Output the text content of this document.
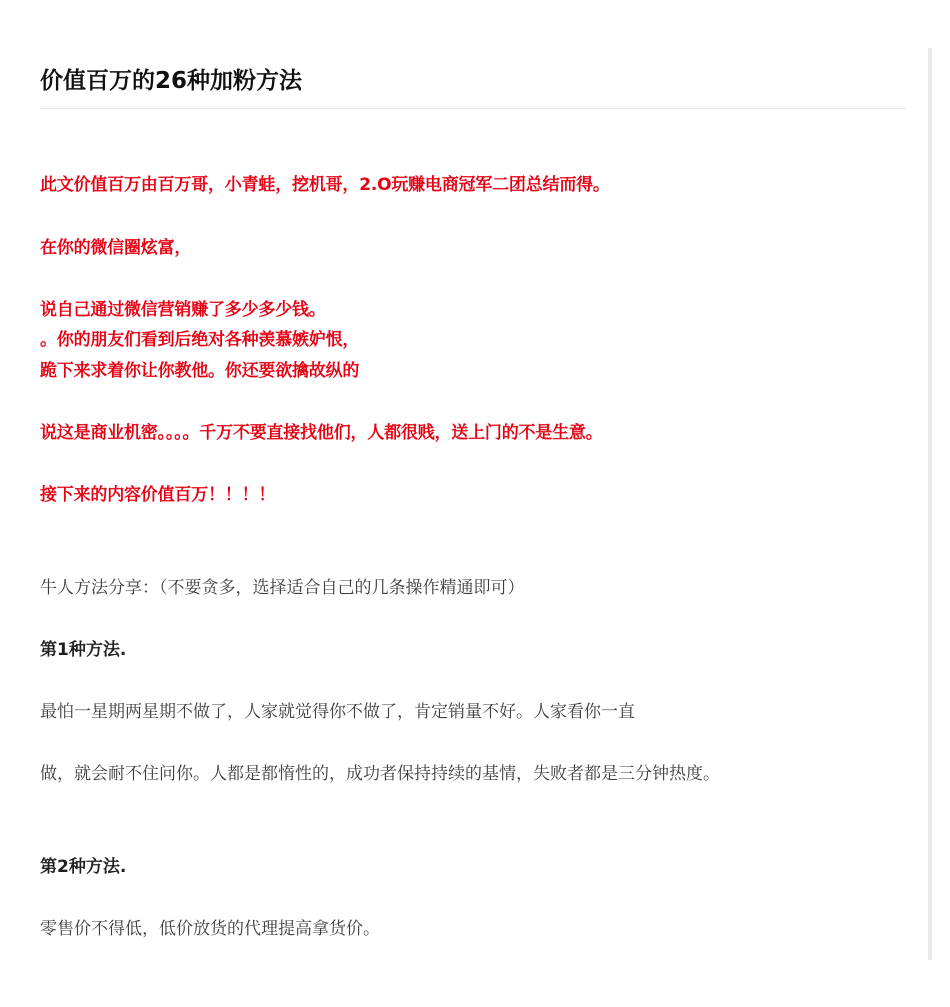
价值百万的26种加粉方法

此文价值百万由百万哥，小青蛙，挖机哥，2.O玩赚电商冠军二团总结而得。

在你的微信圈炫富，

说自己通过微信营销赚了多少多少钱。

。你的朋友们看到后绝对各种羡慕嫉妒恨，

跪下来求着你让你教他。你还要欲擒故纵的

说这是商业机密。。。。千万不要直接找他们，人都很贱，送上门的不是生意。

接下来的内容价值百万！！！！

牛人方法分享：（不要贪多，选择适合自己的几条操作精通即可）

第1种方法.

最怕一星期两星期不做了，人家就觉得你不做了，肯定销量不好。人家看你一直

做，就会耐不住问你。人都是都惰性的，成功者保持持续的基情，失败者都是三分钟热度。

第2种方法.

零售价不得低，低价放货的代理提高拿货价。
